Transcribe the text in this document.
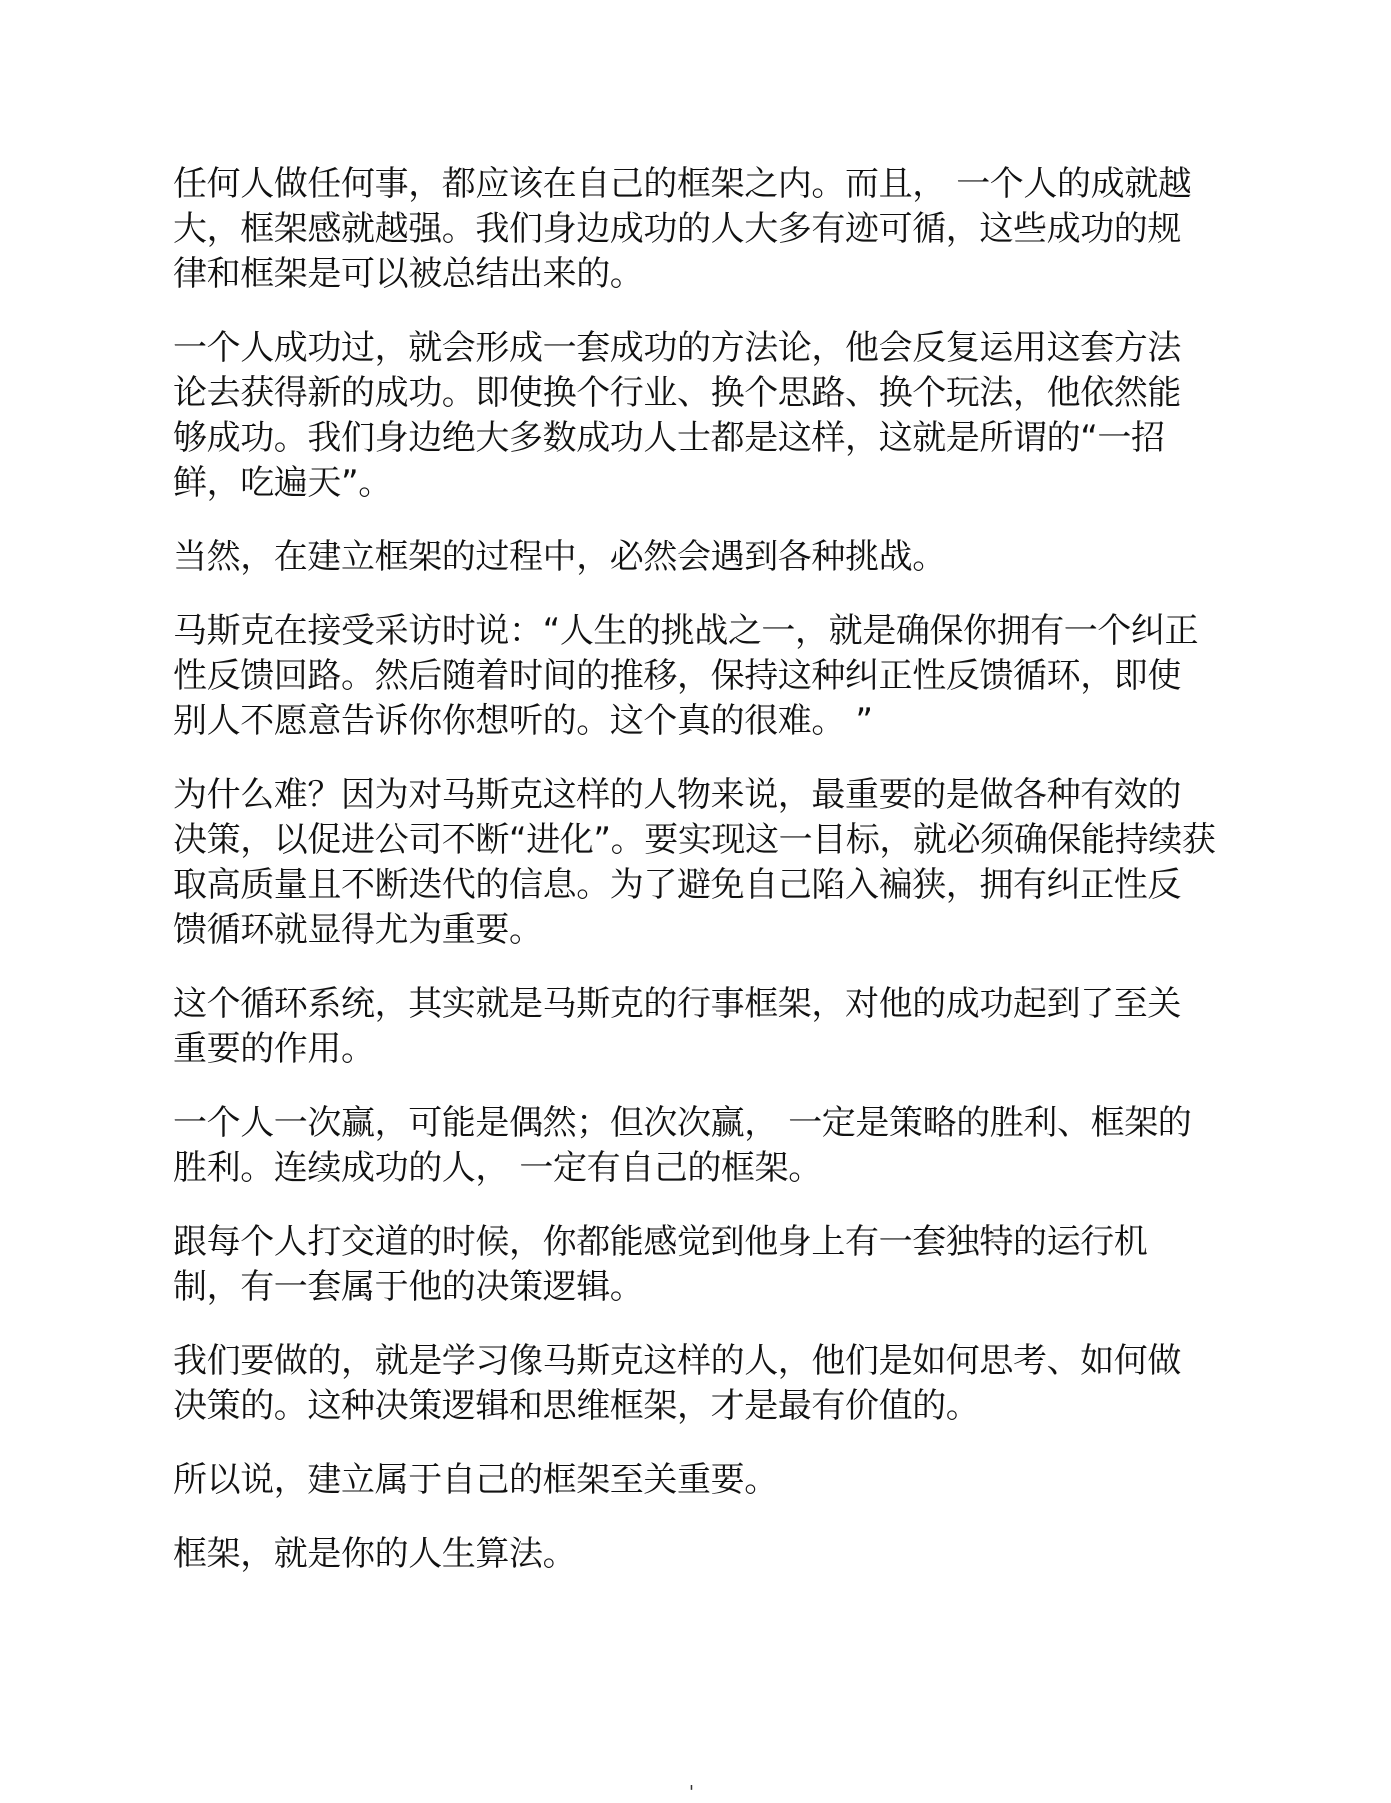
任何人做任何事，都应该在自己的框架之内。而且， 一个人的成就越
大，框架感就越强。我们身边成功的人大多有迹可循，这些成功的规
律和框架是可以被总结出来的。

一个人成功过，就会形成一套成功的方法论，他会反复运用这套方法
论去获得新的成功。即使换个行业、换个思路、换个玩法，他依然能
够成功。我们身边绝大多数成功人士都是这样，这就是所谓的“一招
鲜，吃遍天”。

当然，在建立框架的过程中，必然会遇到各种挑战。

马斯克在接受采访时说：“人生的挑战之一，就是确保你拥有一个纠正
性反馈回路。然后随着时间的推移，保持这种纠正性反馈循环，即使
别人不愿意告诉你你想听的。这个真的很难。 ”

为什么难？因为对马斯克这样的人物来说，最重要的是做各种有效的
决策，以促进公司不断“进化”。要实现这一目标，就必须确保能持续获
取高质量且不断迭代的信息。为了避免自己陷入褊狭，拥有纠正性反
馈循环就显得尤为重要。

这个循环系统，其实就是马斯克的行事框架，对他的成功起到了至关
重要的作用。

一个人一次赢，可能是偶然；但次次赢， 一定是策略的胜利、框架的
胜利。连续成功的人， 一定有自己的框架。

跟每个人打交道的时候，你都能感觉到他身上有一套独特的运行机
制，有一套属于他的决策逻辑。

我们要做的，就是学习像马斯克这样的人，他们是如何思考、如何做
决策的。这种决策逻辑和思维框架，才是最有价值的。

所以说，建立属于自己的框架至关重要。

框架，就是你的人生算法。

'
